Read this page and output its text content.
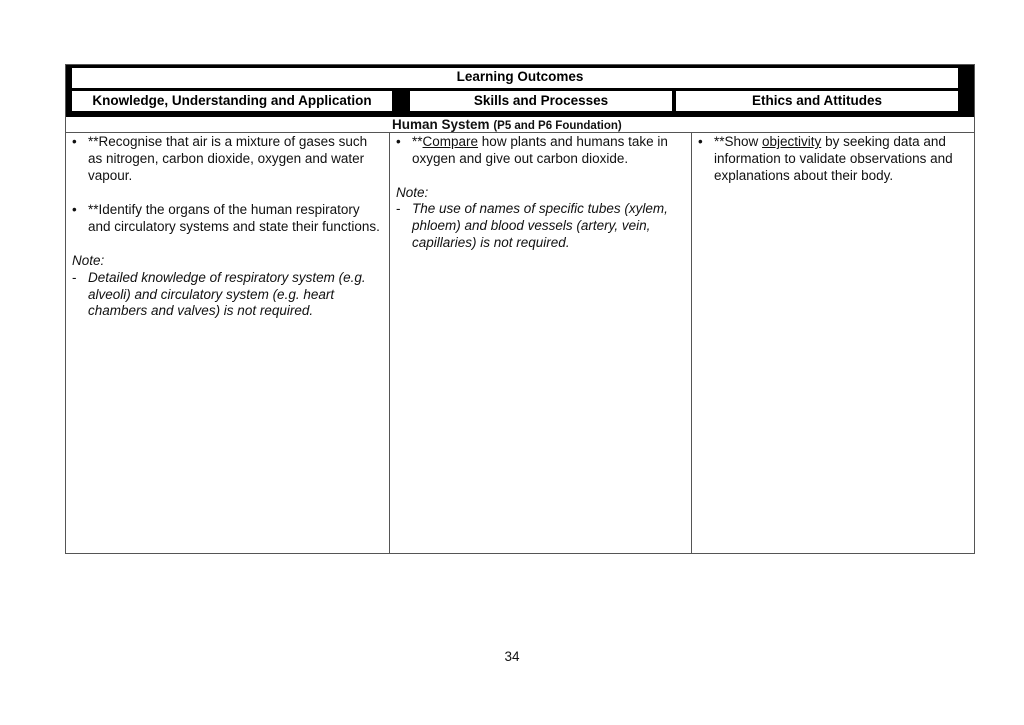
Learning Outcomes
Knowledge, Understanding and Application	Skills and Processes	Ethics and Attitudes
Human System (P5 and P6 Foundation)
• **Recognise that air is a mixture of gases such as nitrogen, carbon dioxide, oxygen and water vapour.
• **Identify the organs of the human respiratory and circulatory systems and state their functions.
Note:
- Detailed knowledge of respiratory system (e.g. alveoli) and circulatory system (e.g. heart chambers and valves) is not required.
• **Compare how plants and humans take in oxygen and give out carbon dioxide.
Note:
- The use of names of specific tubes (xylem, phloem) and blood vessels (artery, vein, capillaries) is not required.
• **Show objectivity by seeking data and information to validate observations and explanations about their body.
34
